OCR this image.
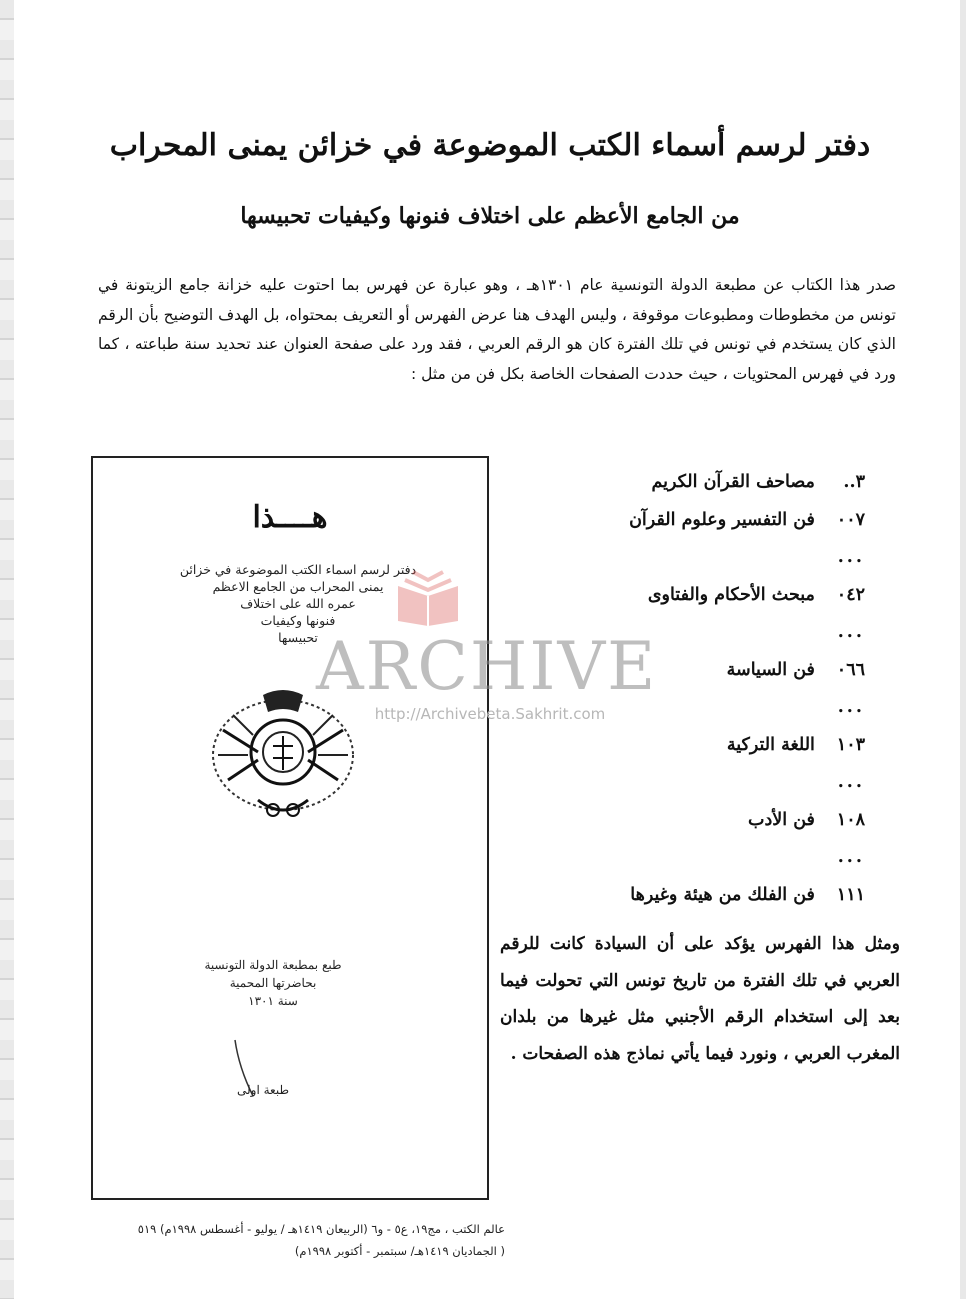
دفتر لرسم أسماء الكتب الموضوعة في خزائن يمنى المحراب
من الجامع الأعظم على اختلاف فنونها وكيفيات تحبيسها

صدر هذا الكتاب عن مطبعة الدولة التونسية عام ١٣٠١هـ ، وهو عبارة عن فهرس بما احتوت عليه خزانة جامع الزيتونة في تونس من مخطوطات ومطبوعات موقوفة ، وليس الهدف هنا عرض الفهرس أو التعريف بمحتواه، بل الهدف التوضيح بأن الرقم الذي كان يستخدم في تونس في تلك الفترة كان هو الرقم العربي ، فقد ورد على صفحة العنوان عند تحديد سنة طباعته ، كما ورد في فهرس المحتويات ، حيث حددت الصفحات الخاصة بكل فن من مثل :

٣.. مصاحف القرآن الكريم
٠٠٧ فن التفسير وعلوم القرآن
...
٠٤٢ مبحث الأحكام والفتاوى
...
٠٦٦ فن السياسة
...
١٠٣ اللغة التركية
...
١٠٨ فن الأدب
...
١١١ فن الفلك من هيئة وغيرها

ومثل هذا الفهرس يؤكد على أن السيادة كانت للرقم العربي في تلك الفترة من تاريخ تونس التي تحولت فيما بعد إلى استخدام الرقم الأجنبي مثل غيرها من بلدان المغرب العربي ، ونورد فيما يأتي نماذج هذه الصفحات .

هــــذا
دفتر لرسم اسماء الكتب الموضوعة في خزائن
يمنى المحراب من الجامع الاعظم
عمره الله على اختلاف
فنونها وكيفيات
تحبيسها
طبع بمطبعة الدولة التونسية
بحاضرتها المحمية
سنة ١٣٠١
طبعة اولى
ARCHIVE
http://Archivebeta.Sakhrit.com
عالم الكتب ، مج١٩، ع٥ - و٦ (الربيعان ١٤١٩هـ / يوليو - أغسطس ١٩٩٨م) ٥١٩
( الجماديان ١٤١٩هـ/ سبتمبر - أكتوبر ١٩٩٨م)
